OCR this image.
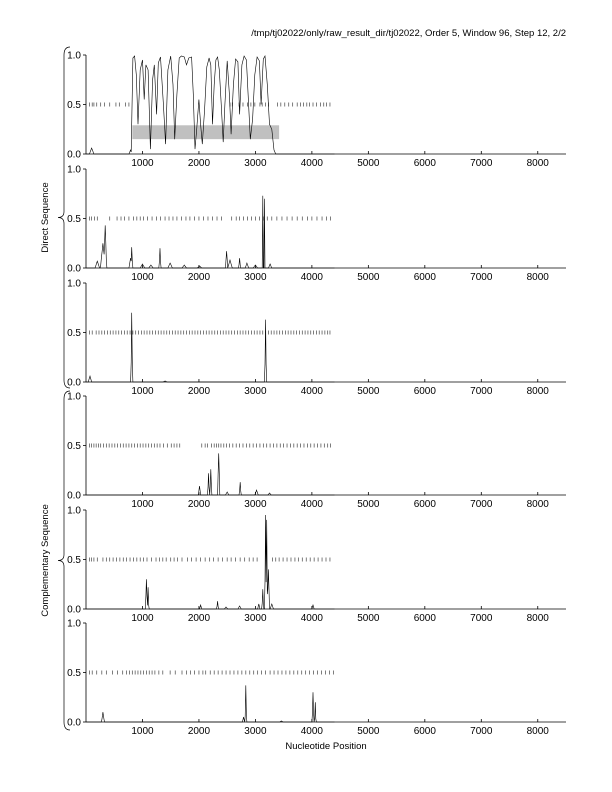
/tmp/tj02022/only/raw_result_dir/tj02022, Order 5, Window 96, Step 12, 2/2
0.0
0.5
1.0
1000	2000	3000	4000	5000	6000	7000	8000
0.0
0.5
1.0
1000	2000	3000	4000	5000	6000	7000	8000
0.0
0.5
1.0
1000	2000	3000	4000	5000	6000	7000	8000
0.0
0.5
1.0
1000	2000	3000	4000	5000	6000	7000	8000
0.0
0.5
1.0
1000	2000	3000	4000	5000	6000	7000	8000
0.0
0.5
1.0
1000	2000	3000	4000	5000	6000	7000	8000
Nucleotide Position
Direct Sequence
Complementary Sequence
